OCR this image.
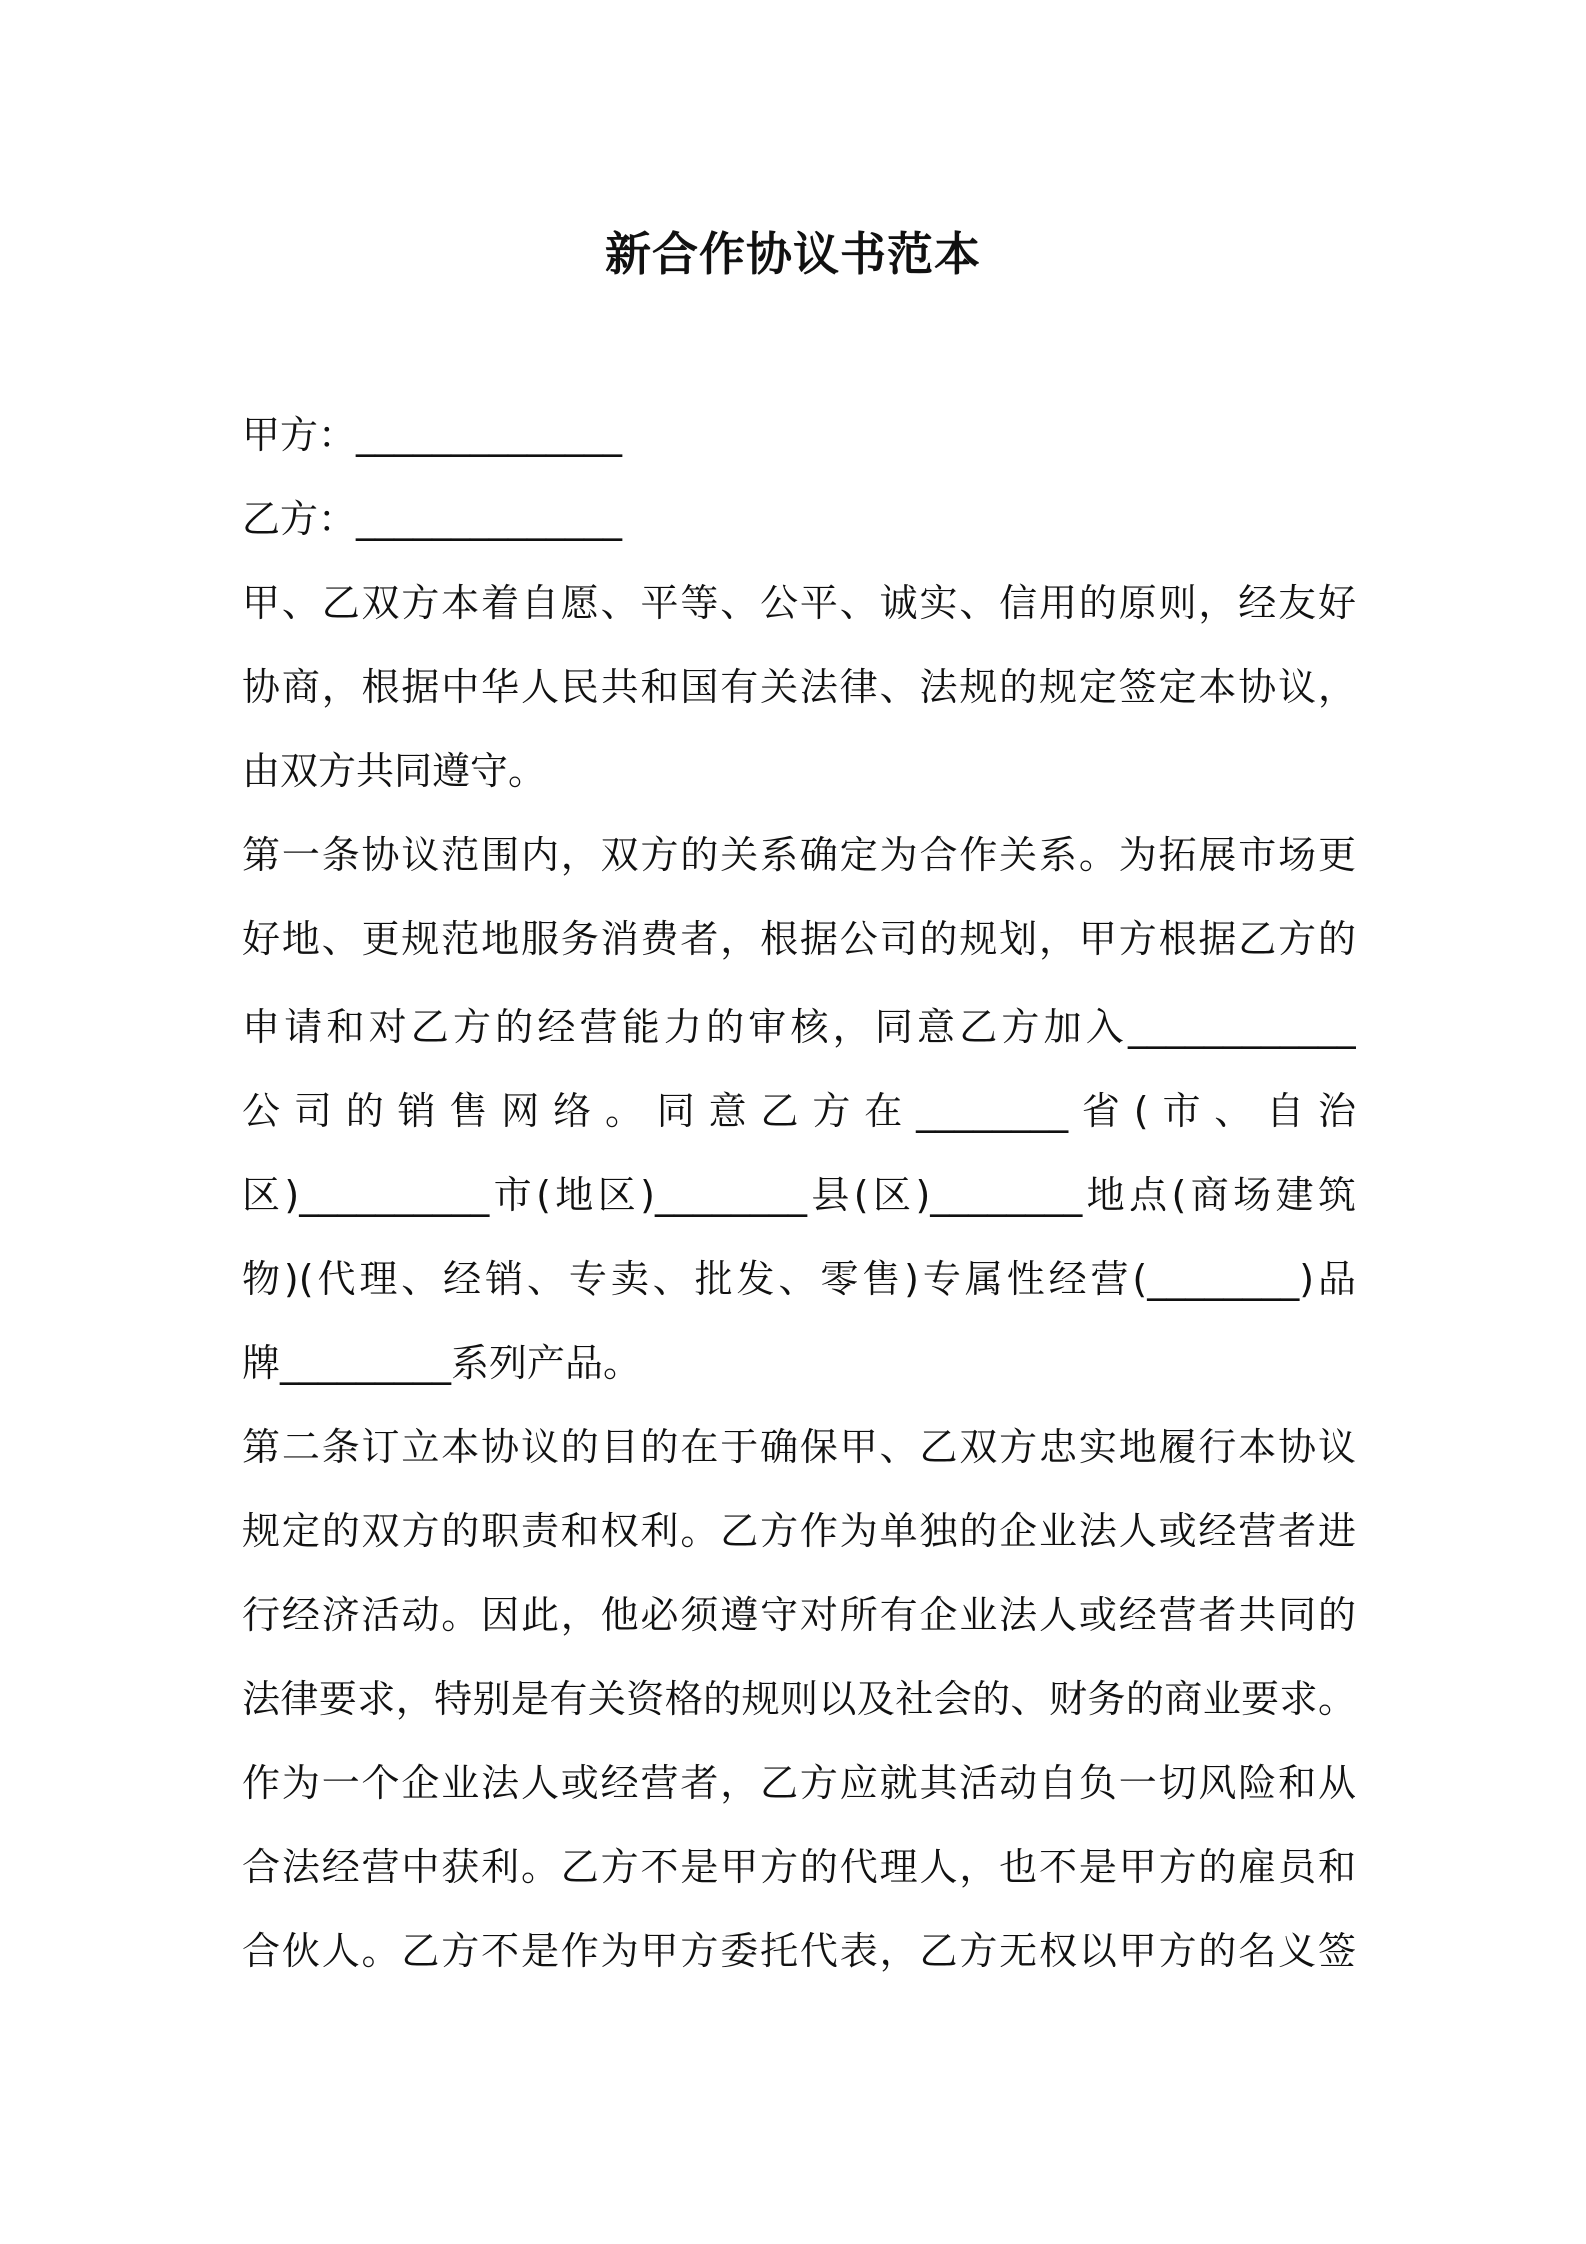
新合作协议书范本
甲方：______________
乙方：______________
甲、乙双方本着自愿、平等、公平、诚实、信用的原则，经友好
协商，根据中华人民共和国有关法律、法规的规定签定本协议，
由双方共同遵守。
第一条协议范围内，双方的关系确定为合作关系。为拓展市场更
好地、更规范地服务消费者，根据公司的规划，甲方根据乙方的
申请和对乙方的经营能力的审核，同意乙方加入____________
公司的销售网络。同意乙方在________省(市、自治
区)__________市(地区)________县(区)________地点(商场建筑
物)(代理、经销、专卖、批发、零售)专属性经营(________)品
牌_________系列产品。
第二条订立本协议的目的在于确保甲、乙双方忠实地履行本协议
规定的双方的职责和权利。乙方作为单独的企业法人或经营者进
行经济活动。因此，他必须遵守对所有企业法人或经营者共同的
法律要求，特别是有关资格的规则以及社会的、财务的商业要求。
作为一个企业法人或经营者，乙方应就其活动自负一切风险和从
合法经营中获利。乙方不是甲方的代理人，也不是甲方的雇员和
合伙人。乙方不是作为甲方委托代表，乙方无权以甲方的名义签
